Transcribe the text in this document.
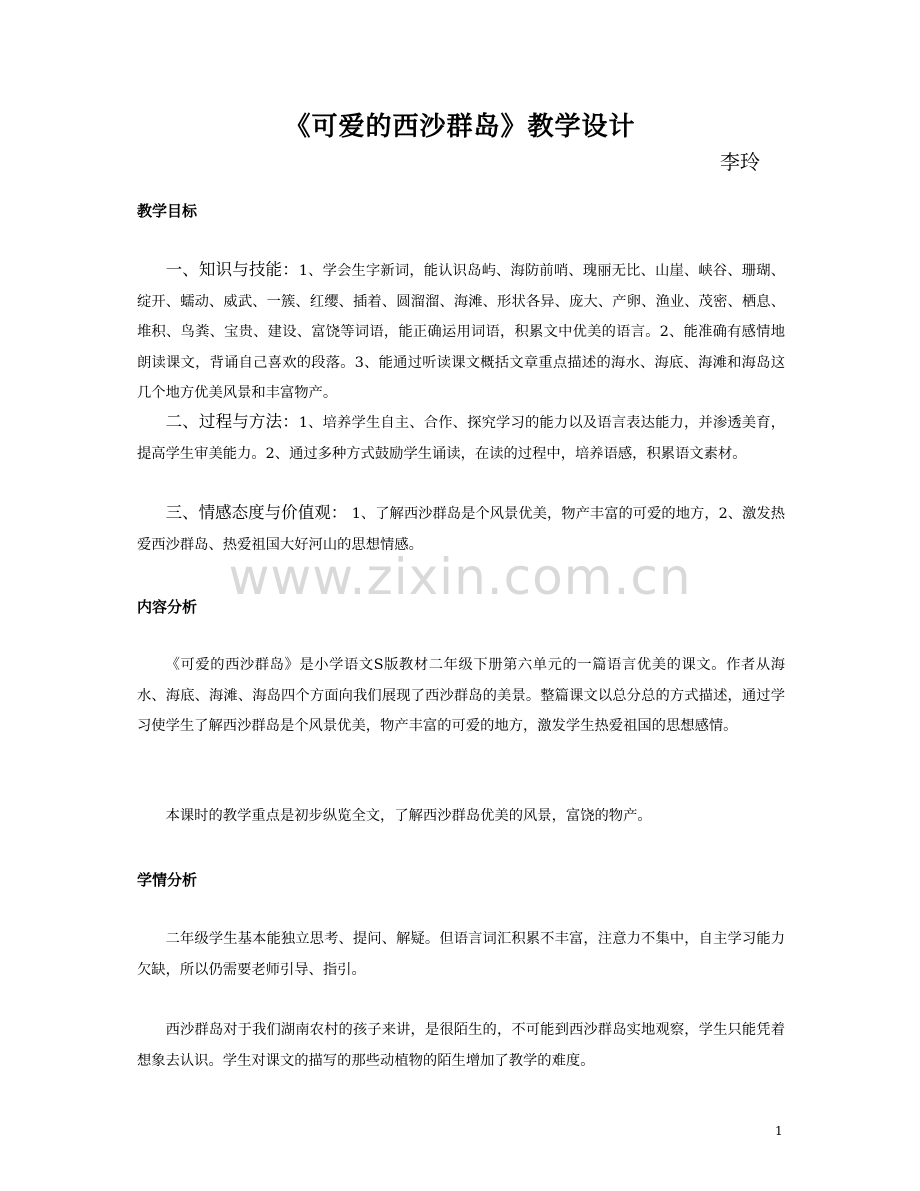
《可爱的西沙群岛》教学设计
李玲
教学目标

一、知识与技能：1、学会生字新词，能认识岛屿、海防前哨、瑰丽无比、山崖、峡谷、珊瑚、绽开、蠕动、威武、一簇、红缨、插着、圆溜溜、海滩、形状各异、庞大、产卵、渔业、茂密、栖息、堆积、鸟粪、宝贵、建设、富饶等词语，能正确运用词语，积累文中优美的语言。2、能准确有感情地朗读课文，背诵自己喜欢的段落。3、能通过听读课文概括文章重点描述的海水、海底、海滩和海岛这几个地方优美风景和丰富物产。

二、过程与方法：1、培养学生自主、合作、探究学习的能力以及语言表达能力，并渗透美育，提高学生审美能力。2、通过多种方式鼓励学生诵读，在读的过程中，培养语感，积累语文素材。

三、情感态度与价值观： 1、了解西沙群岛是个风景优美，物产丰富的可爱的地方，2、激发热爱西沙群岛、热爱祖国大好河山的思想情感。

www.zixin.com.cn
内容分析

《可爱的西沙群岛》是小学语文S版教材二年级下册第六单元的一篇语言优美的课文。作者从海水、海底、海滩、海岛四个方面向我们展现了西沙群岛的美景。整篇课文以总分总的方式描述，通过学习使学生了解西沙群岛是个风景优美，物产丰富的可爱的地方，激发学生热爱祖国的思想感情。

本课时的教学重点是初步纵览全文，了解西沙群岛优美的风景，富饶的物产。

学情分析

二年级学生基本能独立思考、提问、解疑。但语言词汇积累不丰富，注意力不集中，自主学习能力欠缺，所以仍需要老师引导、指引。

西沙群岛对于我们湖南农村的孩子来讲，是很陌生的，不可能到西沙群岛实地观察，学生只能凭着想象去认识。学生对课文的描写的那些动植物的陌生增加了教学的难度。

1
